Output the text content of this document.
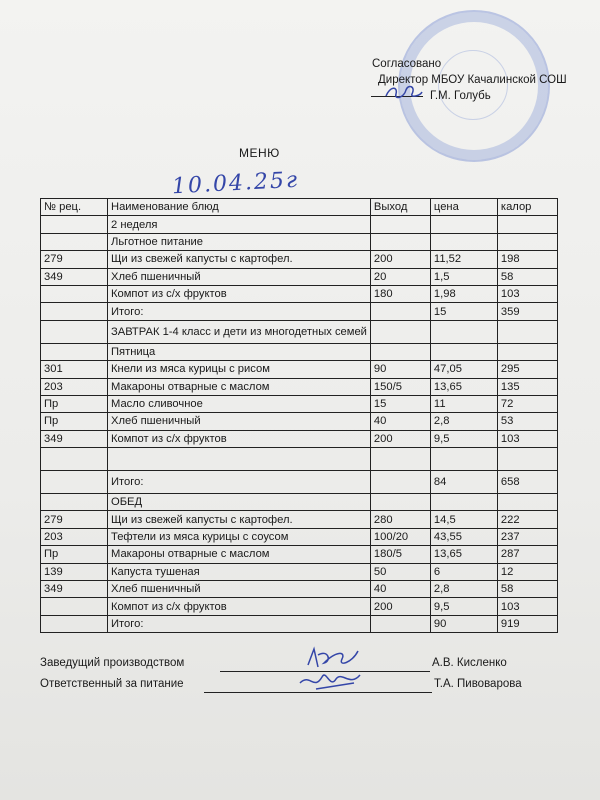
Согласовано
Директор МБОУ Качалинской СОШ
Г.М. Голубь
МЕНЮ
10.04.25г
№ рец.	Наименование блюд	Выход	цена	калор
	2 неделя			
	Льготное питание			
279	Щи из свежей капусты с картофел.	200	11,52	198
349	Хлеб пшеничный	20	1,5	58
	Компот из с/х фруктов	180	1,98	103
	Итого:		15	359
	ЗАВТРАК 1-4 класс и дети из многодетных семей			
	Пятница			
301	Кнели из мяса курицы с рисом	90	47,05	295
203	Макароны отварные с маслом	150/5	13,65	135
Пр	Масло сливочное	15	11	72
Пр	Хлеб пшеничный	40	2,8	53
349	Компот из с/х фруктов	200	9,5	103

	Итого:		84	658
	ОБЕД			
279	Щи из свежей капусты с картофел.	280	14,5	222
203	Тефтели из мяса курицы с соусом	100/20	43,55	237
Пр	Макароны отварные с маслом	180/5	13,65	287
139	Капуста тушеная	50	6	12
349	Хлеб пшеничный	40	2,8	58
	Компот из с/х фруктов	200	9,5	103
	Итого:		90	919
Заведущий производством	А.В. Кисленко
Ответственный за питание	Т.А. Пивоварова
